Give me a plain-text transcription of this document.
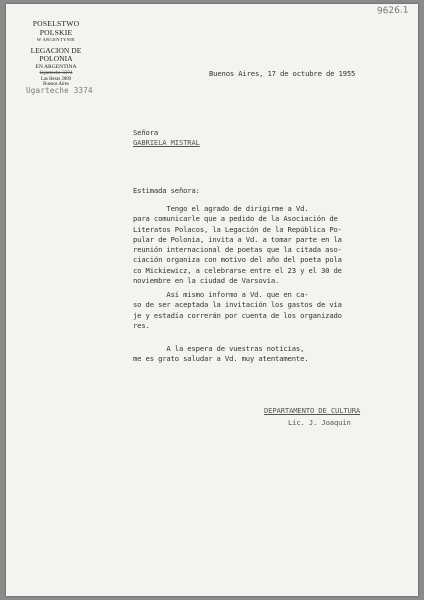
9626.1
POSELSTWO POLSKIE
W ARGENTYNIE
LEGACION DE POLONIA
EN ARGENTINA
Ugarteche 3374
Las Heras 2889
Buenos Aires
Ugarteche 3374
Buenos Aires, 17 de octubre de 1955
Señora
GABRIELA MISTRAL
Estimada señora:
Tengo el agrado de dirigirme a Vd.
para comunicarle que a pedido de la Asociación de
Literatos Polacos, la Legación de la República Po-
pular de Polonia, invita a Vd. a tomar parte en la
reunión internacional de poetas que la citada aso-
ciación organiza con motivo del año del poeta pola
co Mickiewicz, a celebrarse entre el 23 y el 30 de
noviembre en la ciudad de Varsovia.
Así mismo informo a Vd. que en ca-
so de ser aceptada la invitación los gastos de via
je y estadía correrán por cuenta de los organizado
res.
A la espera de vuestras noticias,
me es grato saludar a Vd. muy atentamente.
DEPARTAMENTO DE CULTURA
Lic. J. Joaquin
